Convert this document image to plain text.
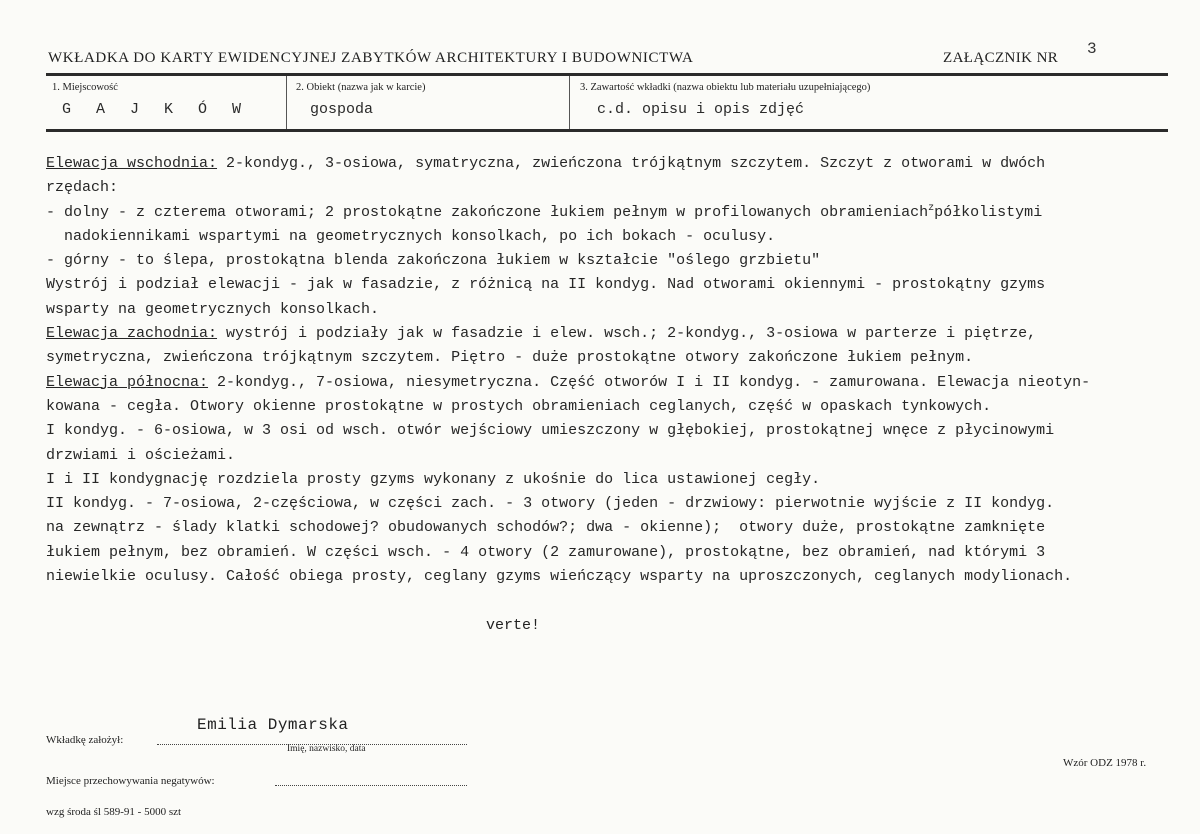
WKŁADKA DO KARTY EWIDENCYJNEJ ZABYTKÓW ARCHITEKTURY I BUDOWNICTWA	ZAŁĄCZNIK NR 3
1. Miejscowość
G A J K Ó W
2. Obiekt (nazwa jak w karcie)
gospoda
3. Zawartość wkładki (nazwa obiektu lub materiału uzupełniającego)
c.d. opisu i opis zdjęć

Elewacja wschodnia: 2-kondyg., 3-osiowa, symatryczna, zwieńczona trójkątnym szczytem. Szczyt z otworami w dwóch

rzędach:

- dolny - z czterema otworami; 2 prostokątne zakończone łukiem pełnym w profilowanych obramieniach$^z$półkolistymi

nadokiennikami wspartymi na geometrycznych konsolkach, po ich bokach - oculusy.

- górny - to ślepa, prostokątna blenda zakończona łukiem w kształcie "oślego grzbietu"

Wystrój i podział elewacji - jak w fasadzie, z różnicą na II kondyg. Nad otworami okiennymi - prostokątny gzyms

wsparty na geometrycznych konsolkach.

Elewacja zachodnia: wystrój i podziały jak w fasadzie i elew. wsch.; 2-kondyg., 3-osiowa w parterze i piętrze,

symetryczna, zwieńczona trójkątnym szczytem. Piętro - duże prostokątne otwory zakończone łukiem pełnym.

Elewacja północna: 2-kondyg., 7-osiowa, niesymetryczna. Część otworów I i II kondyg. - zamurowana. Elewacja nieotyn-

kowana - cegła. Otwory okienne prostokątne w prostych obramieniach ceglanych, część w opaskach tynkowych.

I kondyg. - 6-osiowa, w 3 osi od wsch. otwór wejściowy umieszczony w głębokiej, prostokątnej wnęce z płycinowymi

drzwiami i ościeżami.

I i II kondygnację rozdziela prosty gzyms wykonany z ukośnie do lica ustawionej cegły.

II kondyg. - 7-osiowa, 2-częściowa, w części zach. - 3 otwory (jeden - drzwiowy: pierwotnie wyjście z II kondyg.

na zewnątrz - ślady klatki schodowej? obudowanych schodów?; dwa - okienne);  otwory duże, prostokątne zamknięte

łukiem pełnym, bez obramień. W części wsch. - 4 otwory (2 zamurowane), prostokątne, bez obramień, nad którymi 3

niewielkie oculusy. Całość obiega prosty, ceglany gzyms wieńczący wsparty na uproszczonych, ceglanych modylionach.

verte!
Emilia Dymarska
Wkładkę założył:
Imię, nazwisko, data
Miejsce przechowywania negatywów:
Wzór ODZ 1978 r.
wzg środa śl 589-91 - 5000 szt
